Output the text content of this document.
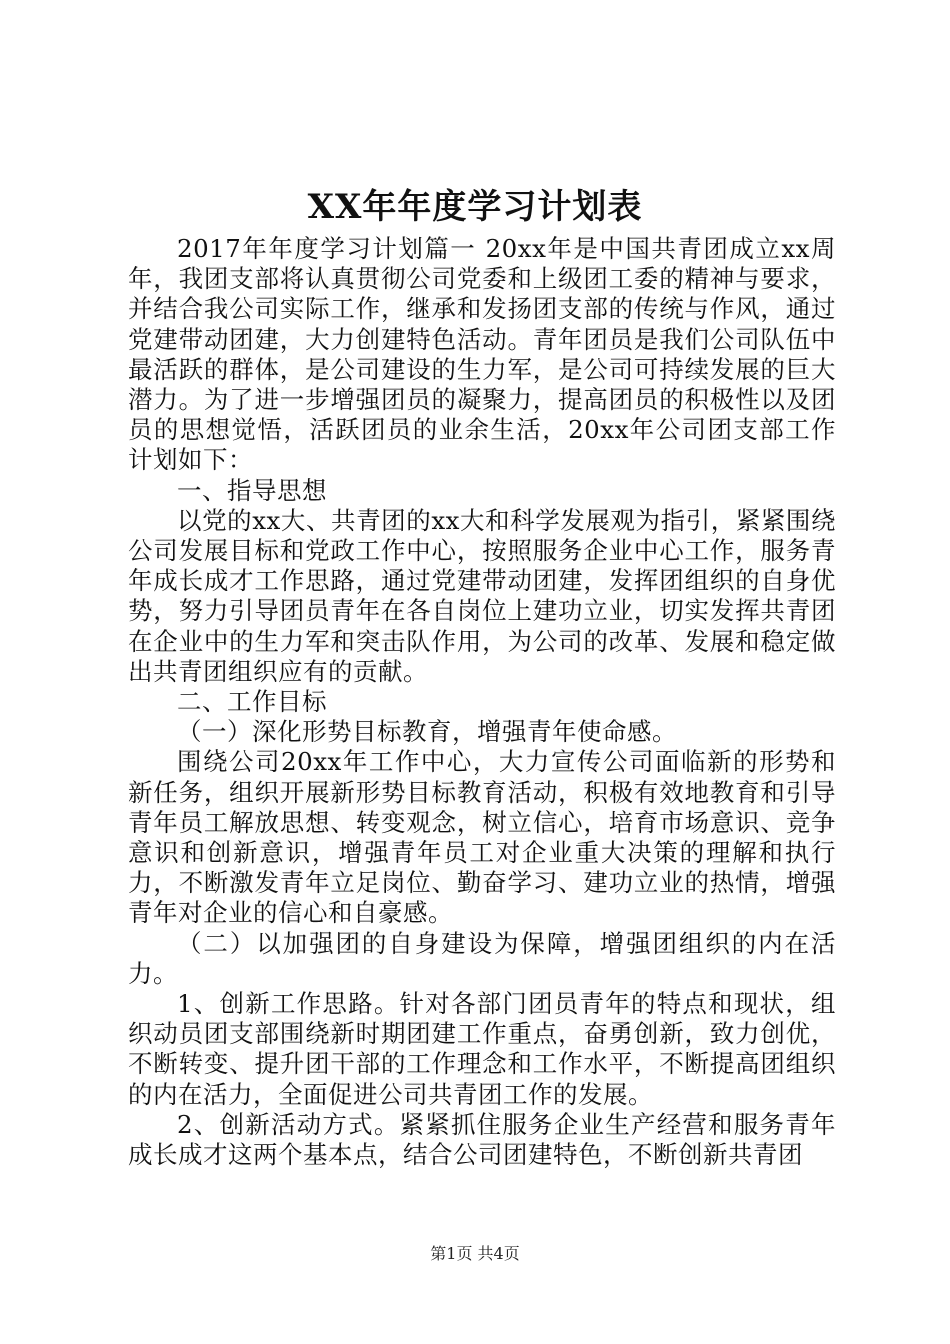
XX年年度学习计划表

2017年年度学习计划篇一 20xx年是中国共青团成立xx周年，我团支部将认真贯彻公司党委和上级团工委的精神与要求，并结合我公司实际工作，继承和发扬团支部的传统与作风，通过党建带动团建，大力创建特色活动。青年团员是我们公司队伍中最活跃的群体，是公司建设的生力军，是公司可持续发展的巨大潜力。为了进一步增强团员的凝聚力，提高团员的积极性以及团员的思想觉悟，活跃团员的业余生活，20xx年公司团支部工作计划如下：

一、指导思想

以党的xx大、共青团的xx大和科学发展观为指引，紧紧围绕公司发展目标和党政工作中心，按照服务企业中心工作，服务青年成长成才工作思路，通过党建带动团建，发挥团组织的自身优势，努力引导团员青年在各自岗位上建功立业，切实发挥共青团在企业中的生力军和突击队作用，为公司的改革、发展和稳定做出共青团组织应有的贡献。

二、工作目标

（一）深化形势目标教育，增强青年使命感。

围绕公司20xx年工作中心，大力宣传公司面临新的形势和新任务，组织开展新形势目标教育活动，积极有效地教育和引导青年员工解放思想、转变观念，树立信心，培育市场意识、竞争意识和创新意识，增强青年员工对企业重大决策的理解和执行力，不断激发青年立足岗位、勤奋学习、建功立业的热情，增强青年对企业的信心和自豪感。

（二）以加强团的自身建设为保障，增强团组织的内在活力。

1、创新工作思路。针对各部门团员青年的特点和现状，组织动员团支部围绕新时期团建工作重点，奋勇创新，致力创优，不断转变、提升团干部的工作理念和工作水平，不断提高团组织的内在活力，全面促进公司共青团工作的发展。

2、创新活动方式。紧紧抓住服务企业生产经营和服务青年成长成才这两个基本点，结合公司团建特色，不断创新共青团

第1页 共4页
